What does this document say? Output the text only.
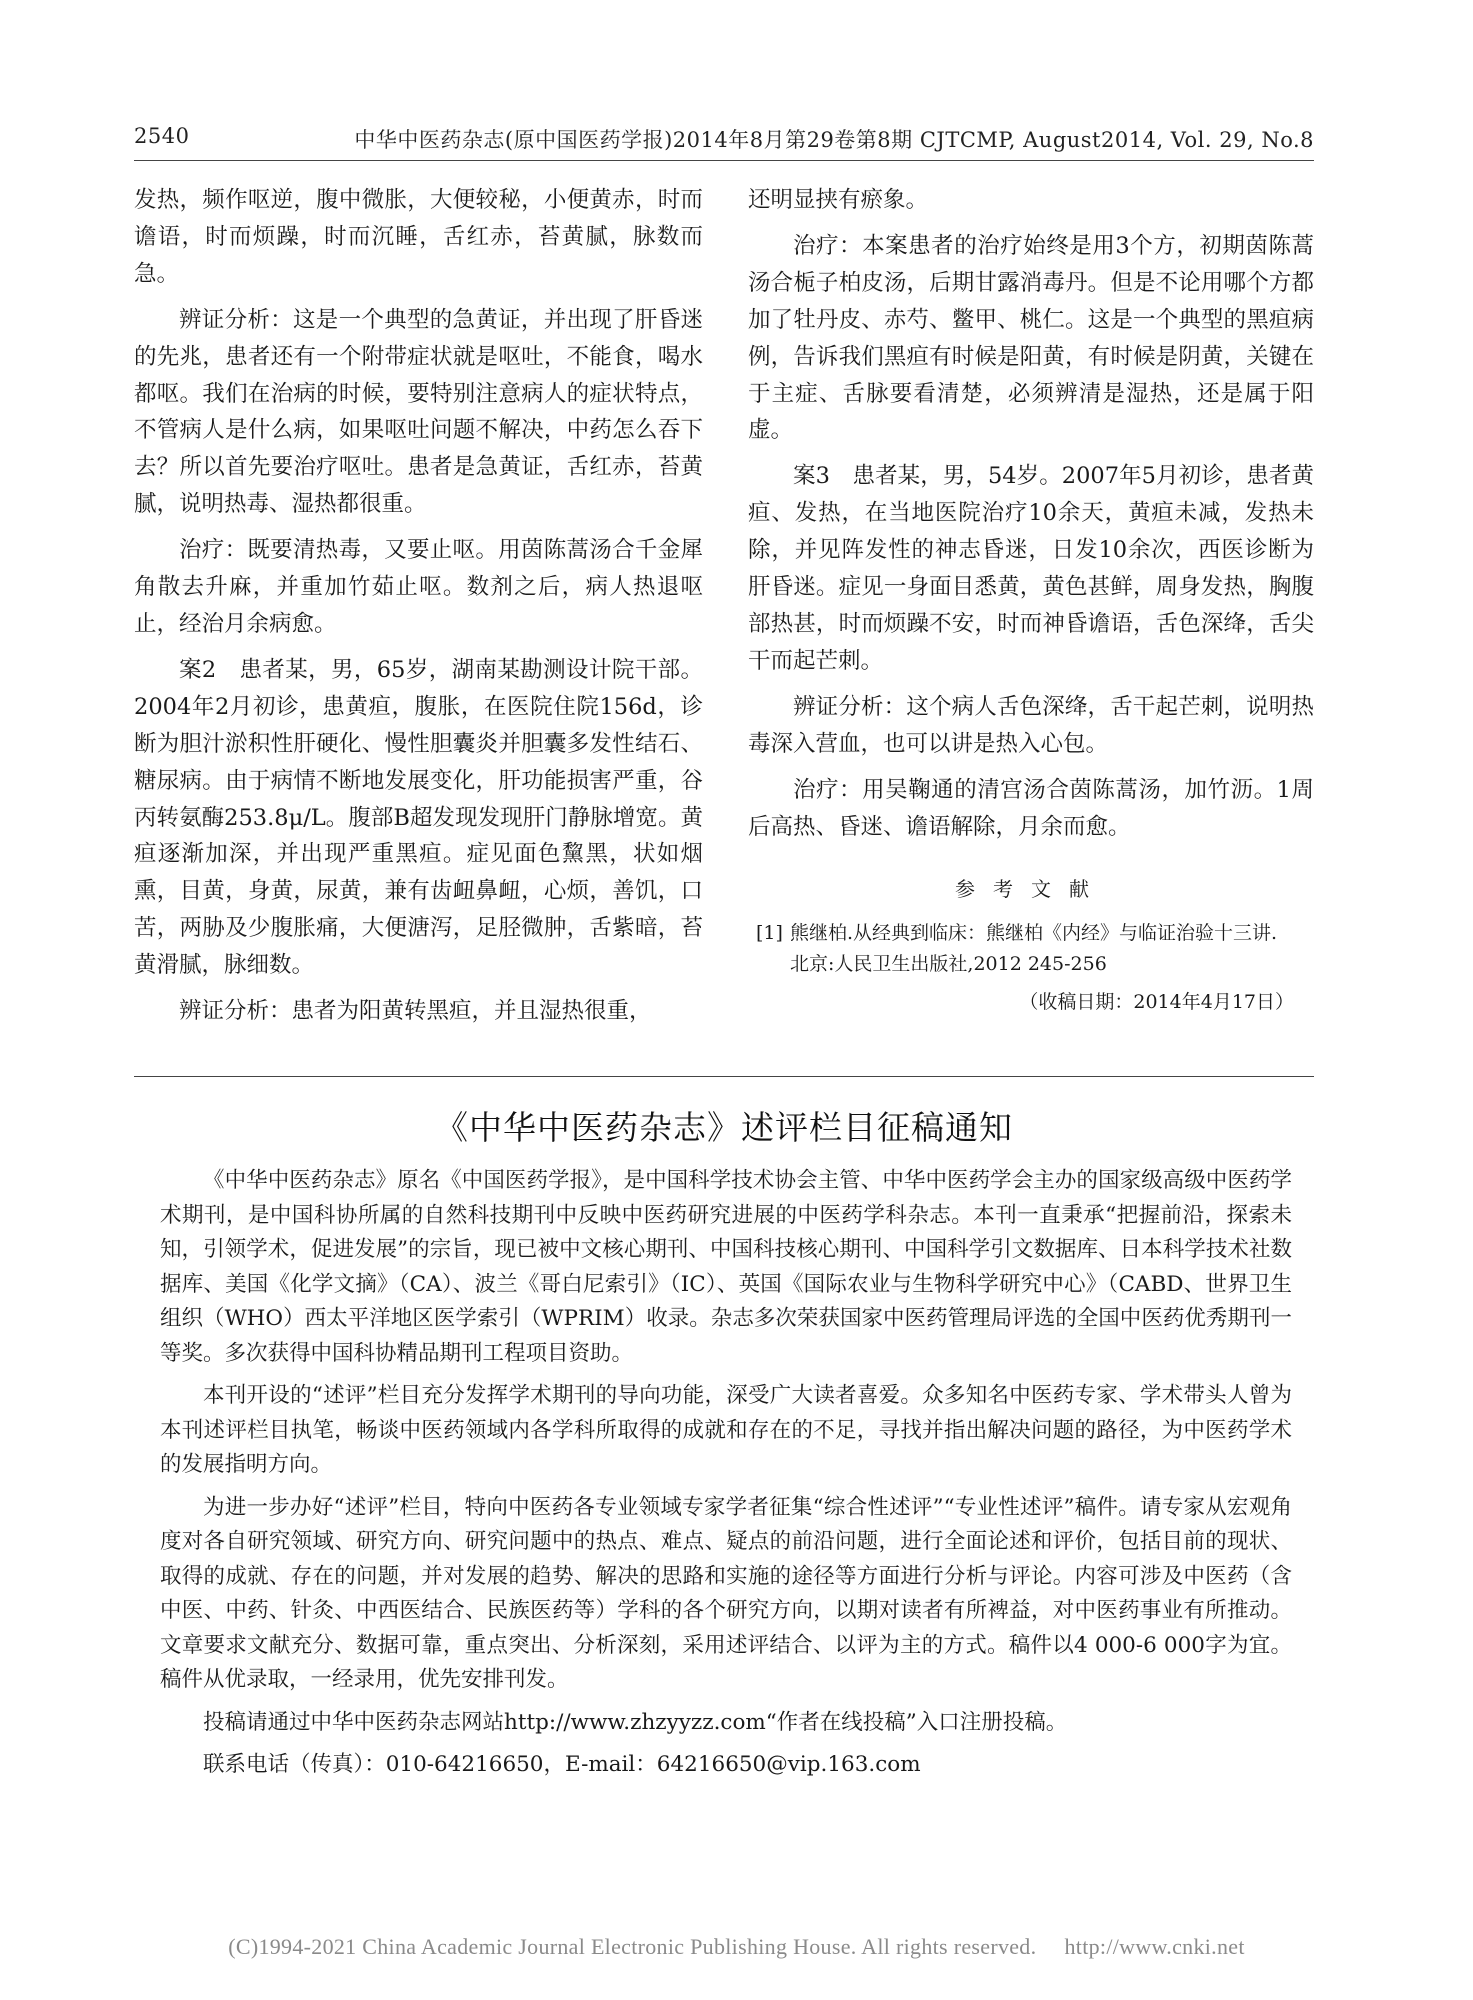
2540	中华中医药杂志(原中国医药学报)2014年8月第29卷第8期 CJTCMP, August2014, Vol. 29, No.8

发热，频作呕逆，腹中微胀，大便较秘，小便黄赤，时而谵语，时而烦躁，时而沉睡，舌红赤，苔黄腻，脉数而急。

辨证分析：这是一个典型的急黄证，并出现了肝昏迷的先兆，患者还有一个附带症状就是呕吐，不能食，喝水都呕。我们在治病的时候，要特别注意病人的症状特点，不管病人是什么病，如果呕吐问题不解决，中药怎么吞下去？所以首先要治疗呕吐。患者是急黄证，舌红赤，苔黄腻，说明热毒、湿热都很重。

治疗：既要清热毒，又要止呕。用茵陈蒿汤合千金犀角散去升麻，并重加竹茹止呕。数剂之后，病人热退呕止，经治月余病愈。

案2　患者某，男，65岁，湖南某勘测设计院干部。2004年2月初诊，患黄疸，腹胀，在医院住院156d，诊断为胆汁淤积性肝硬化、慢性胆囊炎并胆囊多发性结石、糖尿病。由于病情不断地发展变化，肝功能损害严重，谷丙转氨酶253.8μ/L。腹部B超发现发现肝门静脉增宽。黄疸逐渐加深，并出现严重黑疸。症见面色黧黑，状如烟熏，目黄，身黄，尿黄，兼有齿衄鼻衄，心烦，善饥，口苦，两胁及少腹胀痛，大便溏泻，足胫微肿，舌紫暗，苔黄滑腻，脉细数。

辨证分析：患者为阳黄转黑疸，并且湿热很重，

还明显挟有瘀象。

治疗：本案患者的治疗始终是用3个方，初期茵陈蒿汤合栀子柏皮汤，后期甘露消毒丹。但是不论用哪个方都加了牡丹皮、赤芍、鳖甲、桃仁。这是一个典型的黑疸病例，告诉我们黑疸有时候是阳黄，有时候是阴黄，关键在于主症、舌脉要看清楚，必须辨清是湿热，还是属于阳虚。

案3　患者某，男，54岁。2007年5月初诊，患者黄疸、发热，在当地医院治疗10余天，黄疸未减，发热未除，并见阵发性的神志昏迷，日发10余次，西医诊断为肝昏迷。症见一身面目悉黄，黄色甚鲜，周身发热，胸腹部热甚，时而烦躁不安，时而神昏谵语，舌色深绛，舌尖干而起芒刺。

辨证分析：这个病人舌色深绛，舌干起芒刺，说明热毒深入营血，也可以讲是热入心包。

治疗：用吴鞠通的清宫汤合茵陈蒿汤，加竹沥。1周后高热、昏迷、谵语解除，月余而愈。

参考文献
[1] 熊继柏.从经典到临床：熊继柏《内经》与临证治验十三讲.
北京:人民卫生出版社,2012 245-256
（收稿日期：2014年4月17日）
《中华中医药杂志》述评栏目征稿通知

《中华中医药杂志》原名《中国医药学报》，是中国科学技术协会主管、中华中医药学会主办的国家级高级中医药学术期刊，是中国科协所属的自然科技期刊中反映中医药研究进展的中医药学科杂志。本刊一直秉承“把握前沿，探索未知，引领学术，促进发展”的宗旨，现已被中文核心期刊、中国科技核心期刊、中国科学引文数据库、日本科学技术社数据库、美国《化学文摘》（CA）、波兰《哥白尼索引》（IC）、英国《国际农业与生物科学研究中心》（CABD、世界卫生组织（WHO）西太平洋地区医学索引（WPRIM）收录。杂志多次荣获国家中医药管理局评选的全国中医药优秀期刊一等奖。多次获得中国科协精品期刊工程项目资助。

本刊开设的“述评”栏目充分发挥学术期刊的导向功能，深受广大读者喜爱。众多知名中医药专家、学术带头人曾为本刊述评栏目执笔，畅谈中医药领域内各学科所取得的成就和存在的不足，寻找并指出解决问题的路径，为中医药学术的发展指明方向。

为进一步办好“述评”栏目，特向中医药各专业领域专家学者征集“综合性述评”“专业性述评”稿件。请专家从宏观角度对各自研究领域、研究方向、研究问题中的热点、难点、疑点的前沿问题，进行全面论述和评价，包括目前的现状、取得的成就、存在的问题，并对发展的趋势、解决的思路和实施的途径等方面进行分析与评论。内容可涉及中医药（含中医、中药、针灸、中西医结合、民族医药等）学科的各个研究方向，以期对读者有所裨益，对中医药事业有所推动。文章要求文献充分、数据可靠，重点突出、分析深刻，采用述评结合、以评为主的方式。稿件以4 000-6 000字为宜。稿件从优录取，一经录用，优先安排刊发。

投稿请通过中华中医药杂志网站http://www.zhzyyzz.com“作者在线投稿”入口注册投稿。

联系电话（传真）：010-64216650，E-mail：64216650@vip.163.com

(C)1994-2021 China Academic Journal Electronic Publishing House. All rights reserved.　 http://www.cnki.net
